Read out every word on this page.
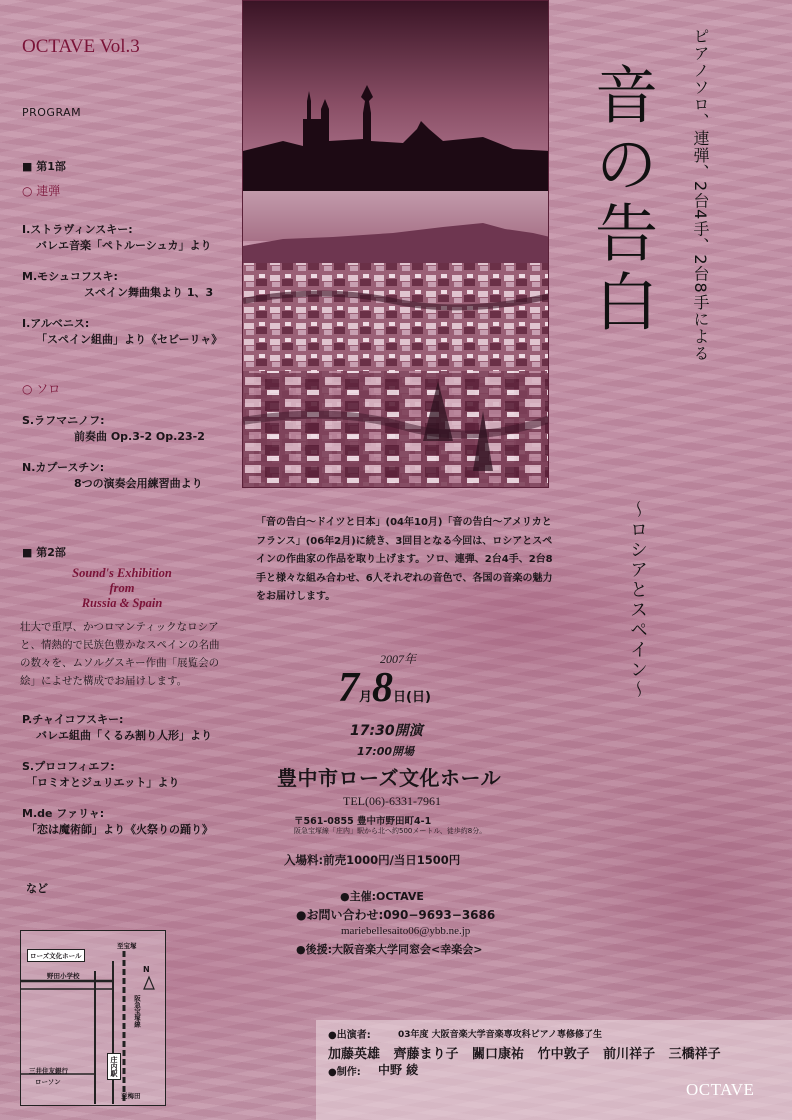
OCTAVE Vol.3
PROGRAM
■ 第1部
○ 連弾
I.ストラヴィンスキー:
バレエ音楽「ペトルーシュカ」より
M.モシュコフスキ:
スペイン舞曲集より 1、3
I.アルベニス:
「スペイン組曲」より《セビーリャ》
○ ソロ
S.ラフマニノフ:
前奏曲 Op.3-2 Op.23-2
N.カプースチン:
8つの演奏会用練習曲より
■ 第2部
Sound's Exhibition
from
Russia & Spain
壮大で重厚、かつロマンティックなロシアと、情熱的で民族色豊かなスペインの名曲の数々を、ムソルグスキー作曲「展覧会の絵」によせた構成でお届けします。
P.チャイコフスキー:
バレエ組曲「くるみ割り人形」より
S.プロコフィエフ:
「ロミオとジュリエット」より
M.de ファリャ:
「恋は魔術師」より《火祭りの踊り》
など
ローズ文化ホール
野田小学校
至宝塚
N
阪急宝塚線
三井住友銀行
ローソン
庄内駅
至梅田
ピアノソロ、連弾、2台4手、2台8手による
音の告白
〜ロシアとスペイン〜
「音の告白〜ドイツと日本」(04年10月)「音の告白〜アメリカとフランス」(06年2月)に続き、3回目となる今回は、ロシアとスペインの作曲家の作品を取り上げます。ソロ、連弾、2台4手、2台8手と様々な組み合わせ、6人それぞれの音色で、各国の音楽の魅力をお届けします。
2007年
7月8日(日)
17:30開演
17:00開場
豊中市ローズ文化ホール
TEL(06)-6331-7961
〒561-0855 豊中市野田町4-1
阪急宝塚線「庄内」駅から北へ約500メートル、徒歩約8分。
入場料:前売1000円/当日1500円
●主催:OCTAVE
●お問い合わせ:090−9693−3686
mariebellesaito06@ybb.ne.jp
●後援:大阪音楽大学同窓会<幸楽会>
●出演者:	03年度 大阪音楽大学音楽専攻科ピアノ専修修了生
加藤英雄 齊藤まり子 關口康祐 竹中敦子 前川祥子 三橋祥子
●制作: 中野 綾
OCTAVE
